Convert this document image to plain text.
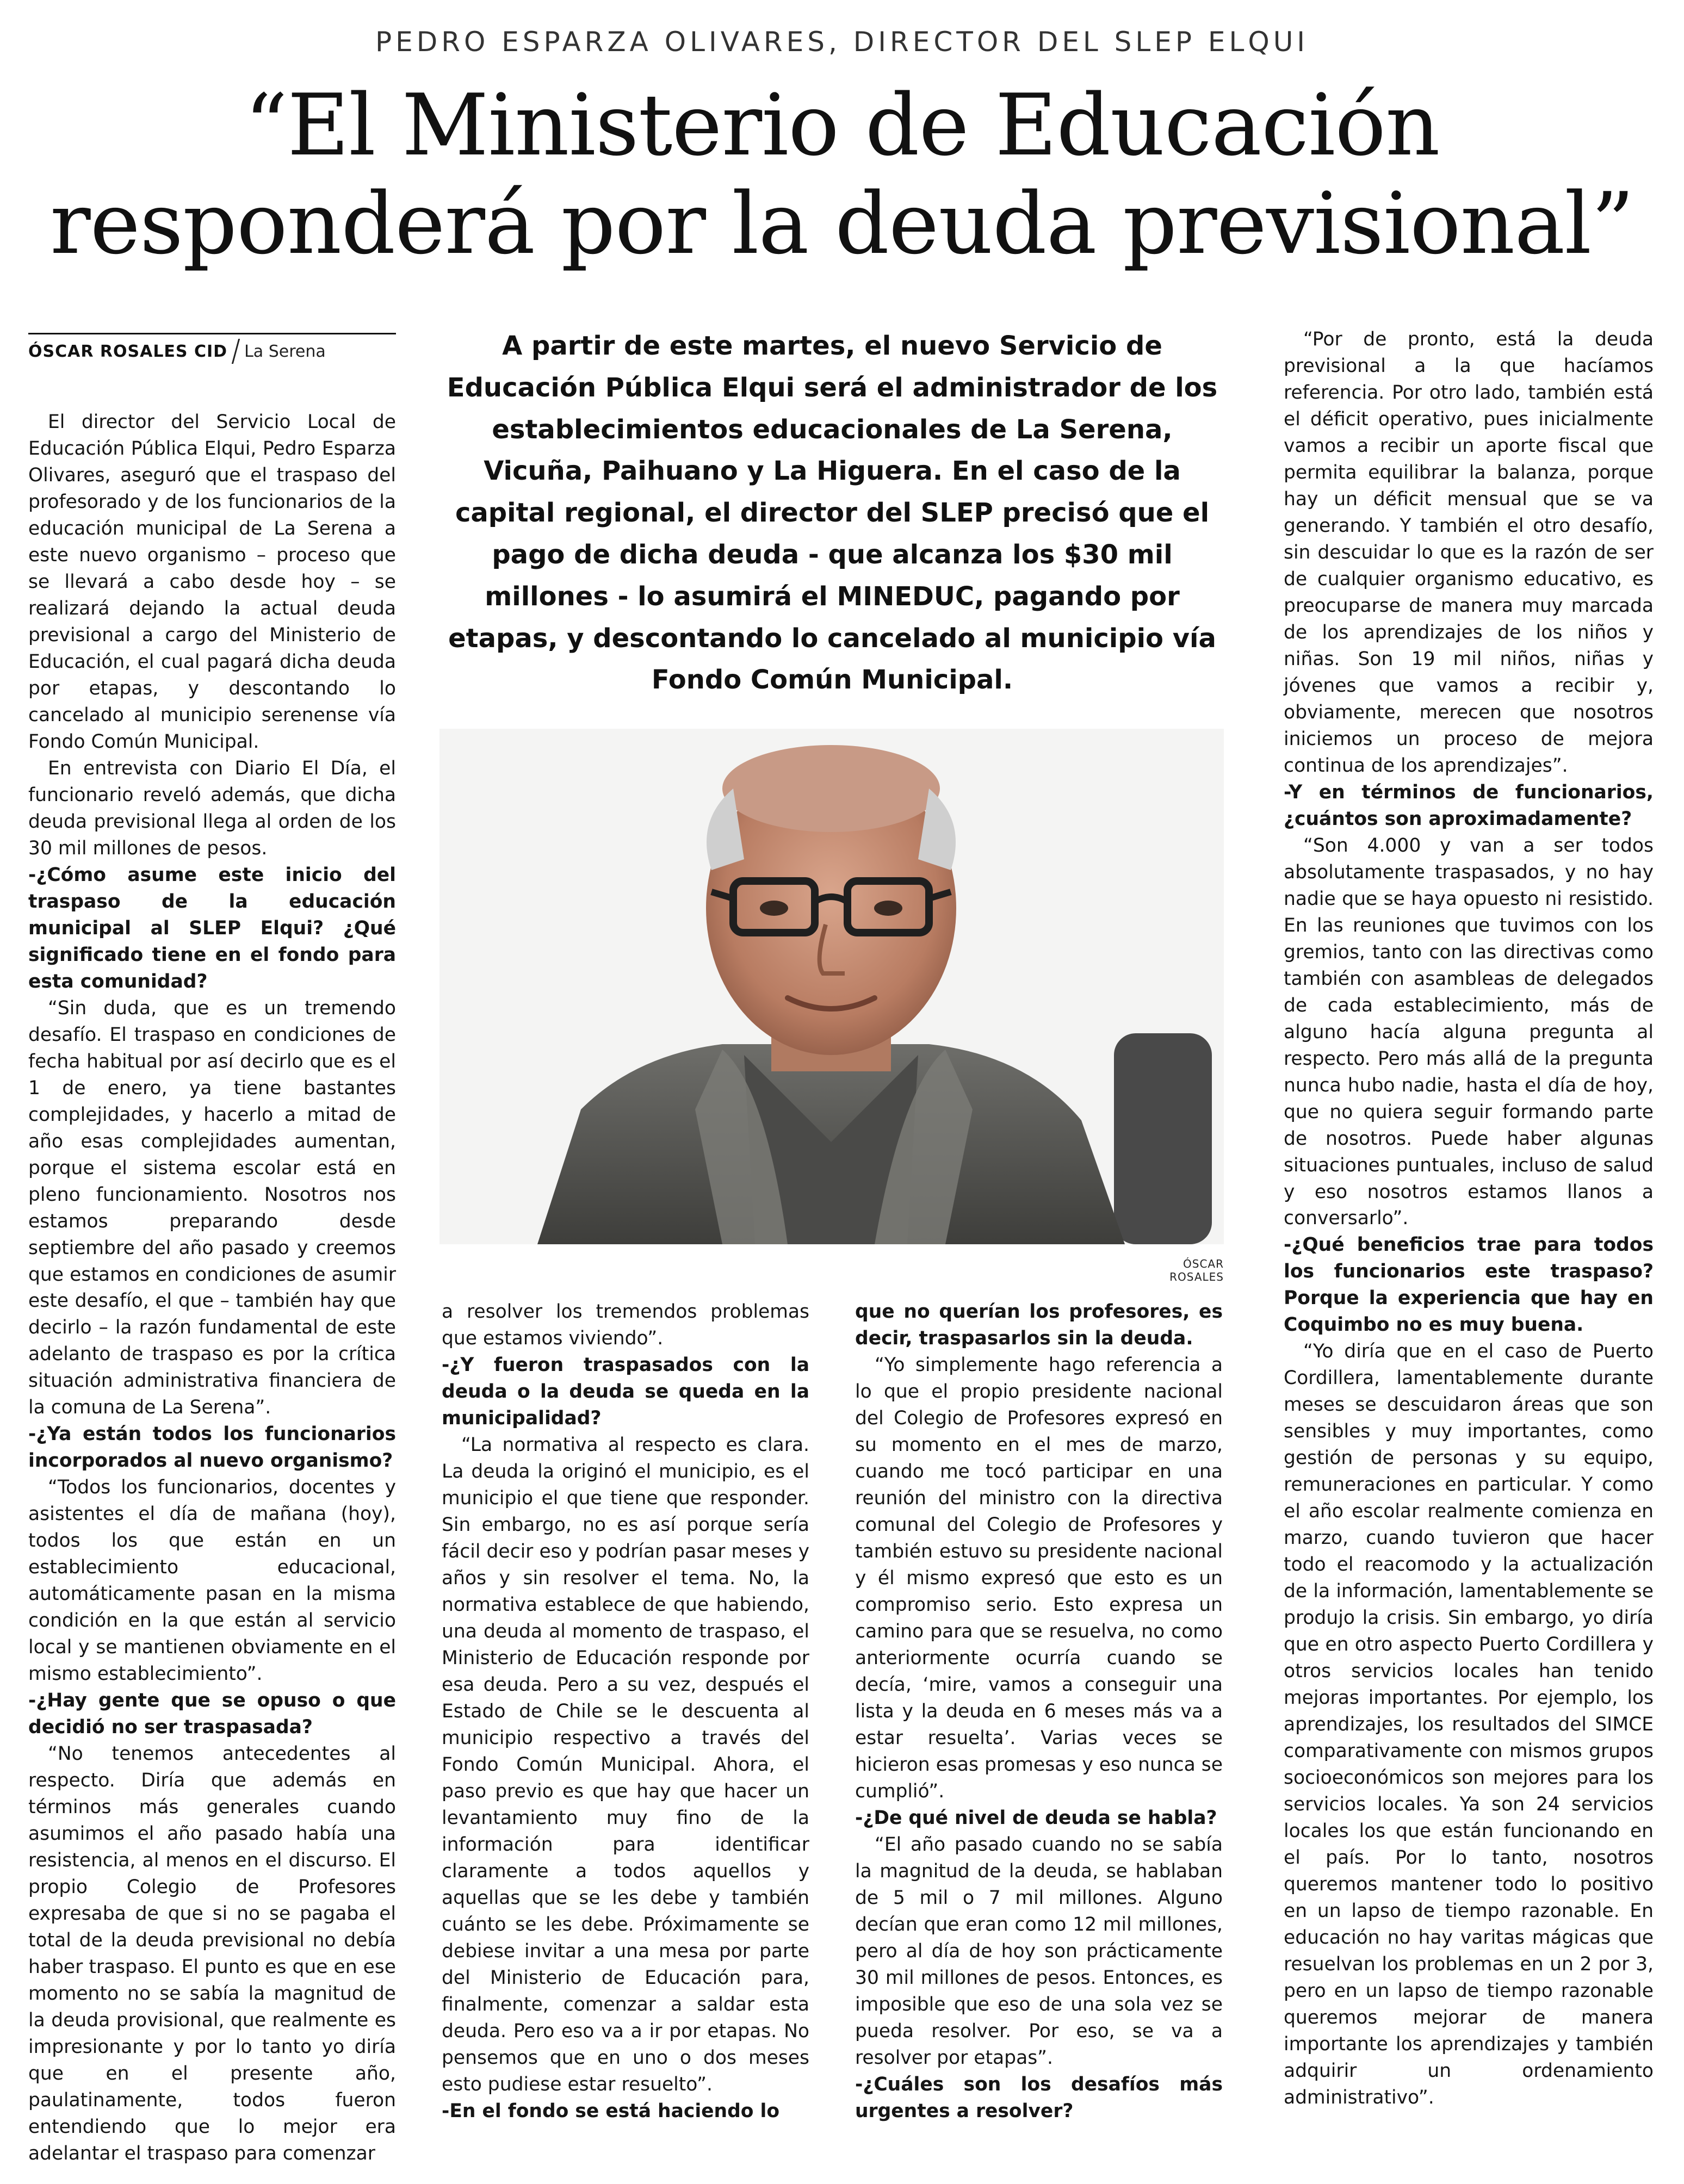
PEDRO ESPARZA OLIVARES, DIRECTOR DEL SLEP ELQUI
“El Ministerio de Educación
responderá por la deuda previsional”
ÓSCAR ROSALES CID La Serena	A partir de este martes, el nuevo Servicio de Educación Pública Elqui será el administrador de los establecimientos educacionales de La Serena, Vicuña, Paihuano y La Higuera. En el caso de la capital regional, el director del SLEP precisó que el pago de dicha deuda - que alcanza los $30 mil millones - lo asumirá el MINEDUC, pagando por etapas, y descontando lo cancelado al municipio vía Fondo Común Municipal.

ÓSCAR ROSALES

El director del Servicio Local de Educación Pública Elqui, Pedro Esparza Olivares, aseguró que el traspaso del profesorado y de los funcionarios de la educación municipal de La Serena a este nuevo organismo – proceso que se llevará a cabo desde hoy – se realizará dejando la actual deuda previsional a cargo del Ministerio de Educación, el cual pagará dicha deuda por etapas, y descontando lo cancelado al municipio serenense vía Fondo Común Municipal.

En entrevista con Diario El Día, el funcionario reveló además, que dicha deuda previsional llega al orden de los 30 mil millones de pesos.

-¿Cómo asume este inicio del traspaso de la educación municipal al SLEP Elqui? ¿Qué significado tiene en el fondo para esta comunidad?

“Sin duda, que es un tremendo desafío. El traspaso en condiciones de fecha habitual por así decirlo que es el 1 de enero, ya tiene bastantes complejidades, y hacerlo a mitad de año esas complejidades aumentan, porque el sistema escolar está en pleno funcionamiento. Nosotros nos estamos preparando desde septiembre del año pasado y creemos que estamos en condiciones de asumir este desafío, el que – también hay que decirlo – la razón fundamental de este adelanto de traspaso es por la crítica situación administrativa financiera de la comuna de La Serena”.

-¿Ya están todos los funcionarios incorporados al nuevo organismo?

“Todos los funcionarios, docentes y asistentes el día de mañana (hoy), todos los que están en un establecimiento educacional, automáticamente pasan en la misma condición en la que están al servicio local y se mantienen obviamente en el mismo establecimiento”.

-¿Hay gente que se opuso o que decidió no ser traspasada?

“No tenemos antecedentes al respecto. Diría que además en términos más generales cuando asumimos el año pasado había una resistencia, al menos en el discurso. El propio Colegio de Profesores expresaba de que si no se pagaba el total de la deuda previsional no debía haber traspaso. El punto es que en ese momento no se sabía la magnitud de la deuda provisional, que realmente es impresionante y por lo tanto yo diría que en el presente año, paulatinamente, todos fueron entendiendo que lo mejor era adelantar el traspaso para comenzar

a resolver los tremendos problemas que estamos viviendo”.

-¿Y fueron traspasados con la deuda o la deuda se queda en la municipalidad?

“La normativa al respecto es clara. La deuda la originó el municipio, es el municipio el que tiene que responder. Sin embargo, no es así porque sería fácil decir eso y podrían pasar meses y años y sin resolver el tema. No, la normativa establece de que habiendo, una deuda al momento de traspaso, el Ministerio de Educación responde por esa deuda. Pero a su vez, después el Estado de Chile se le descuenta al municipio respectivo a través del Fondo Común Municipal. Ahora, el paso previo es que hay que hacer un levantamiento muy fino de la información para identificar claramente a todos aquellos y aquellas que se les debe y también cuánto se les debe. Próximamente se debiese invitar a una mesa por parte del Ministerio de Educación para, finalmente, comenzar a saldar esta deuda. Pero eso va a ir por etapas. No pensemos que en uno o dos meses esto pudiese estar resuelto”.

-En el fondo se está haciendo lo

que no querían los profesores, es decir, traspasarlos sin la deuda.

“Yo simplemente hago referencia a lo que el propio presidente nacional del Colegio de Profesores expresó en su momento en el mes de marzo, cuando me tocó participar en una reunión del ministro con la directiva comunal del Colegio de Profesores y también estuvo su presidente nacional y él mismo expresó que esto es un compromiso serio. Esto expresa un camino para que se resuelva, no como anteriormente ocurría cuando se decía, ‘mire, vamos a conseguir una lista y la deuda en 6 meses más va a estar resuelta’. Varias veces se hicieron esas promesas y eso nunca se cumplió”.

-¿De qué nivel de deuda se habla?

“El año pasado cuando no se sabía la magnitud de la deuda, se hablaban de 5 mil o 7 mil millones. Alguno decían que eran como 12 mil millones, pero al día de hoy son prácticamente 30 mil millones de pesos. Entonces, es imposible que eso de una sola vez se pueda resolver. Por eso, se va a resolver por etapas”.

-¿Cuáles son los desafíos más urgentes a resolver?

“Por de pronto, está la deuda previsional a la que hacíamos referencia. Por otro lado, también está el déficit operativo, pues inicialmente vamos a recibir un aporte fiscal que permita equilibrar la balanza, porque hay un déficit mensual que se va generando. Y también el otro desafío, sin descuidar lo que es la razón de ser de cualquier organismo educativo, es preocuparse de manera muy marcada de los aprendizajes de los niños y niñas. Son 19 mil niños, niñas y jóvenes que vamos a recibir y, obviamente, merecen que nosotros iniciemos un proceso de mejora continua de los aprendizajes”.

-Y en términos de funcionarios, ¿cuántos son aproximadamente?

“Son 4.000 y van a ser todos absolutamente traspasados, y no hay nadie que se haya opuesto ni resistido. En las reuniones que tuvimos con los gremios, tanto con las directivas como también con asambleas de delegados de cada establecimiento, más de alguno hacía alguna pregunta al respecto. Pero más allá de la pregunta nunca hubo nadie, hasta el día de hoy, que no quiera seguir formando parte de nosotros. Puede haber algunas situaciones puntuales, incluso de salud y eso nosotros estamos llanos a conversarlo”.

-¿Qué beneficios trae para todos los funcionarios este traspaso? Porque la experiencia que hay en Coquimbo no es muy buena.

“Yo diría que en el caso de Puerto Cordillera, lamentablemente durante meses se descuidaron áreas que son sensibles y muy importantes, como gestión de personas y su equipo, remuneraciones en particular. Y como el año escolar realmente comienza en marzo, cuando tuvieron que hacer todo el reacomodo y la actualización de la información, lamentablemente se produjo la crisis. Sin embargo, yo diría que en otro aspecto Puerto Cordillera y otros servicios locales han tenido mejoras importantes. Por ejemplo, los aprendizajes, los resultados del SIMCE comparativamente con mismos grupos socioeconómicos son mejores para los servicios locales. Ya son 24 servicios locales los que están funcionando en el país. Por lo tanto, nosotros queremos mantener todo lo positivo en un lapso de tiempo razonable. En educación no hay varitas mágicas que resuelvan los problemas en un 2 por 3, pero en un lapso de tiempo razonable queremos mejorar de manera importante los aprendizajes y también adquirir un ordenamiento administrativo”.
